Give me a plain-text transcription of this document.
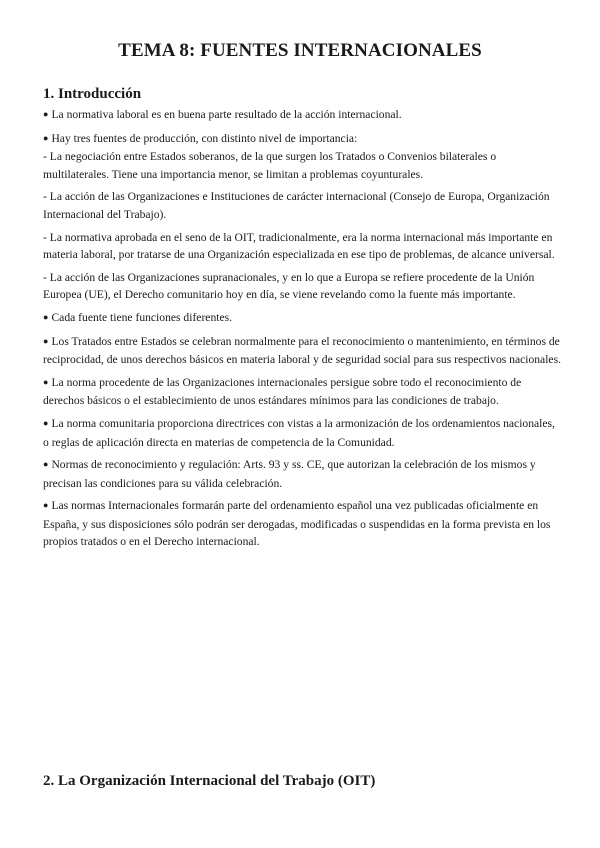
TEMA 8: FUENTES INTERNACIONALES
1. Introducción

● La normativa laboral es en buena parte resultado de la acción internacional.

● Hay tres fuentes de producción, con distinto nivel de importancia:

- La negociación entre Estados soberanos, de la que surgen los Tratados o Convenios bilaterales o multilaterales. Tiene una importancia menor, se limitan a problemas coyunturales.

- La acción de las Organizaciones e Instituciones de carácter internacional (Consejo de Europa, Organización Internacional del Trabajo).

- La normativa aprobada en el seno de la OIT, tradicionalmente, era la norma internacional más importante en materia laboral, por tratarse de una Organización especializada en ese tipo de problemas, de alcance universal.

- La acción de las Organizaciones supranacionales, y en lo que a Europa se refiere procedente de la Unión Europea (UE), el Derecho comunitario hoy en día, se viene revelando como la fuente más importante.

● Cada fuente tiene funciones diferentes.

● Los Tratados entre Estados se celebran normalmente para el reconocimiento o mantenimiento, en términos de reciprocidad, de unos derechos básicos en materia laboral y de seguridad social para sus respectivos nacionales.

● La norma procedente de las Organizaciones internacionales persigue sobre todo el reconocimiento de derechos básicos o el establecimiento de unos estándares mínimos para las condiciones de trabajo.

● La norma comunitaria proporciona directrices con vistas a la armonización de los ordenamientos nacionales, o reglas de aplicación directa en materias de competencia de la Comunidad.

● Normas de reconocimiento y regulación: Arts. 93 y ss. CE, que autorizan la celebración de los mismos y precisan las condiciones para su válida celebración.

● Las normas Internacionales formarán parte del ordenamiento español una vez publicadas oficialmente en España, y sus disposiciones sólo podrán ser derogadas, modificadas o suspendidas en la forma prevista en los propios tratados o en el Derecho internacional.

2. La Organización Internacional del Trabajo (OIT)
